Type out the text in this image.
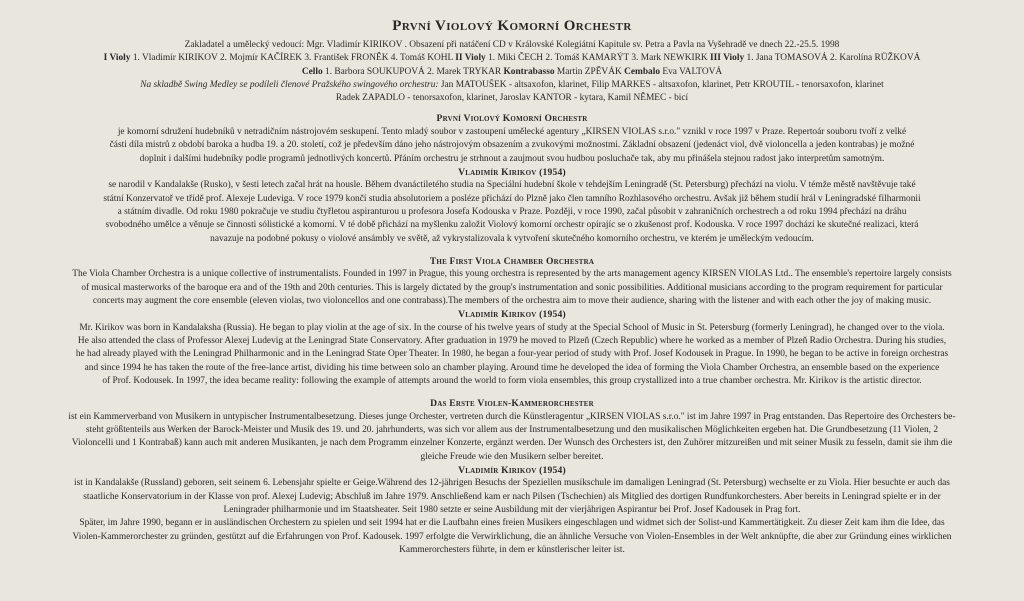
První Violový Komorní Orchestr

Zakladatel a umělecký vedoucí: Mgr. Vladimír KIRIKOV . Obsazení při natáčení CD v Královské Kolegiátní Kapitule sv. Petra a Pavla na Vyšehradě ve dnech 22.-25.5. 1998

I Violy 1. Vladimír KIRIKOV 2. Mojmír KAČÍREK 3. František FRONĚK 4. Tomáš KOHL II Violy 1. Miki ČECH 2. Tomáš KAMARÝT 3. Mark NEWKIRK III Violy 1. Jana TOMASOVÁ 2. Karolína RŮŽKOVÁ

Cello 1. Barbora SOUKUPOVÁ 2. Marek TRYKAR Kontrabasso Martin ZPĚVÁK Cembalo Eva VALTOVÁ

Na skladbě Swing Medley se podíleli členové Pražského swingového orchestru: Jan MATOUŠEK - altsaxofon, klarinet, Filip MARKES - altsaxofon, klarinet, Petr KROUTIL - tenorsaxofon, klarinet

Radek ZAPADLO - tenorsaxofon, klarinet, Jaroslav KANTOR - kytara, Kamil NĚMEC - bicí

První Violový Komorní Orchestr

je komorní sdružení hudebníků v netradičním nástrojovém seskupení. Tento mladý soubor v zastoupení umělecké agentury „KIRSEN VIOLAS s.r.o." vznikl v roce 1997 v Praze. Repertoár souboru tvoří z velké

části díla mistrů z období baroka a hudba 19. a 20. století, což je především dáno jeho nástrojovým obsazením a zvukovými možnostmi. Základní obsazení (jedenáct viol, dvě violoncella a jeden kontrabas) je možné

doplnit i dalšími hudebníky podle programů jednotlivých koncertů. Přáním orchestru je strhnout a zaujmout svou hudbou posluchače tak, aby mu přinášela stejnou radost jako interpretům samotným.

Vladimír Kirikov (1954)

se narodil v Kandalakše (Rusko), v šesti letech začal hrát na housle. Během dvanáctiletého studia na Speciální hudební škole v tehdejším Leningradě (St. Petersburg) přechází na violu. V témže městě navštěvuje také

státní Konzervatoř ve třídě prof. Alexeje Ludeviga. V roce 1979 končí studia absolutoriem a posléze přichází do Plzně jako člen tamního Rozhlasového orchestru. Avšak již během studií hrál v Leningradské filharmonii

a státním divadle. Od roku 1980 pokračuje ve studiu čtyřletou aspiranturou u profesora Josefa Kodouska v Praze. Později, v roce 1990, začal působit v zahraničních orchestrech a od roku 1994 přechází na dráhu

svobodného umělce a věnuje se činnosti sólistické a komorní. V té době přichází na myšlenku založit Violový komorní orchestr opírajíc se o zkušenost prof. Kodouska. V roce 1997 dochází ke skutečné realizaci, která

navazuje na podobné pokusy o violové ansámbly ve světě, až vykrystalizovala k vytvoření skutečného komorního orchestru, ve kterém je uměleckým vedoucím.

The First Viola Chamber Orchestra

The Viola Chamber Orchestra is a unique collective of instrumentalists. Founded in 1997 in Prague, this young orchestra is represented by the arts management agency KIRSEN VIOLAS Ltd.. The ensemble's repertoire largely consists

of musical masterworks of the baroque era and of the 19th and 20th centuries. This is largely dictated by the group's instrumentation and sonic possibilities. Additional musicians according to the program requirement for particular

concerts may augment the core ensemble (eleven violas, two violoncellos and one contrabass).The members of the orchestra aim to move their audience, sharing with the listener and with each other the joy of making music.

Vladimír Kirikov (1954)

Mr. Kirikov was born in Kandalaksha (Russia). He began to play violin at the age of six. In the course of his twelve years of study at the Special School of Music in St. Petersburg (formerly Leningrad), he changed over to the viola.

He also attended the class of Professor Alexej Ludevig at the Leningrad State Conservatory. After graduation in 1979 he moved to Plzeň (Czech Republic) where he worked as a member of Plzeň Radio Orchestra. During his studies,

he had already played with the Leningrad Philharmonic and in the Leningrad State Oper Theater. In 1980, he began a four-year period of study with Prof. Josef Kodousek in Prague. In 1990, he began to be active in foreign orchestras

and since 1994 he has taken the route of the free-lance artist, dividing his time between solo an chamber playing. Around time he developed the idea of forming the Viola Chamber Orchestra, an ensemble based on the experience

of Prof. Kodousek. In 1997, the idea became reality: following the example of attempts around the world to form viola ensembles, this group crystallized into a true chamber orchestra. Mr. Kirikov is the artistic director.

Das Erste Violen-Kammerorchester

ist ein Kammerverband von Musikern in untypischer Instrumentalbesetzung. Dieses junge Orchester, vertreten durch die Künstleragentur „KIRSEN VIOLAS s.r.o." ist im Jahre 1997 in Prag entstanden. Das Repertoire des Orchesters be-

steht größtenteils aus Werken der Barock-Meister und Musik des 19. und 20. jahrhunderts, was sich vor allem aus der Instrumentalbesetzung und den musikalischen Möglichkeiten ergeben hat. Die Grundbesetzung (11 Violen, 2

Violoncelli und 1 Kontrabaß) kann auch mit anderen Musikanten, je nach dem Programm einzelner Konzerte, ergänzt werden. Der Wunsch des Orchesters ist, den Zuhörer mitzureißen und mit seiner Musik zu fesseln, damit sie ihm die

gleiche Freude wie den Musikern selber bereitet.

Vladimír Kirikov (1954)

ist in Kandalakše (Russland) geboren, seit seinem 6. Lebensjahr spielte er Geige.Während des 12-jährigen Besuchs der Speziellen musikschule im damaligen Leningrad (St. Petersburg) wechselte er zu Viola. Hier besuchte er auch das

staatliche Konservatorium in der Klasse von prof. Alexej Ludevig; Abschluß im Jahre 1979. Anschließend kam er nach Pilsen (Tschechien) als Mitglied des dortigen Rundfunkorchesters. Aber bereits in Leningrad spielte er in der

Leningrader philharmonie und im Staatsheater. Seit 1980 setzte er seine Ausbildung mit der vierjährigen Aspirantur bei Prof. Josef Kadousek in Prag fort.

Später, im Jahre 1990, begann er in ausländischen Orchestern zu spielen und seit 1994 hat er die Laufbahn eines freien Musikers eingeschlagen und widmet sich der Solist-und Kammertätigkeit. Zu dieser Zeit kam ihm die Idee, das

Violen-Kammerorchester zu gründen, gestützt auf die Erfahrungen von Prof. Kadousek. 1997 erfolgte die Verwirklichung, die an ähnliche Versuche von Violen-Ensembles in der Welt anknüpfte, die aber zur Gründung eines wirklichen

Kammerorchesters führte, in dem er künstlerischer leiter ist.
